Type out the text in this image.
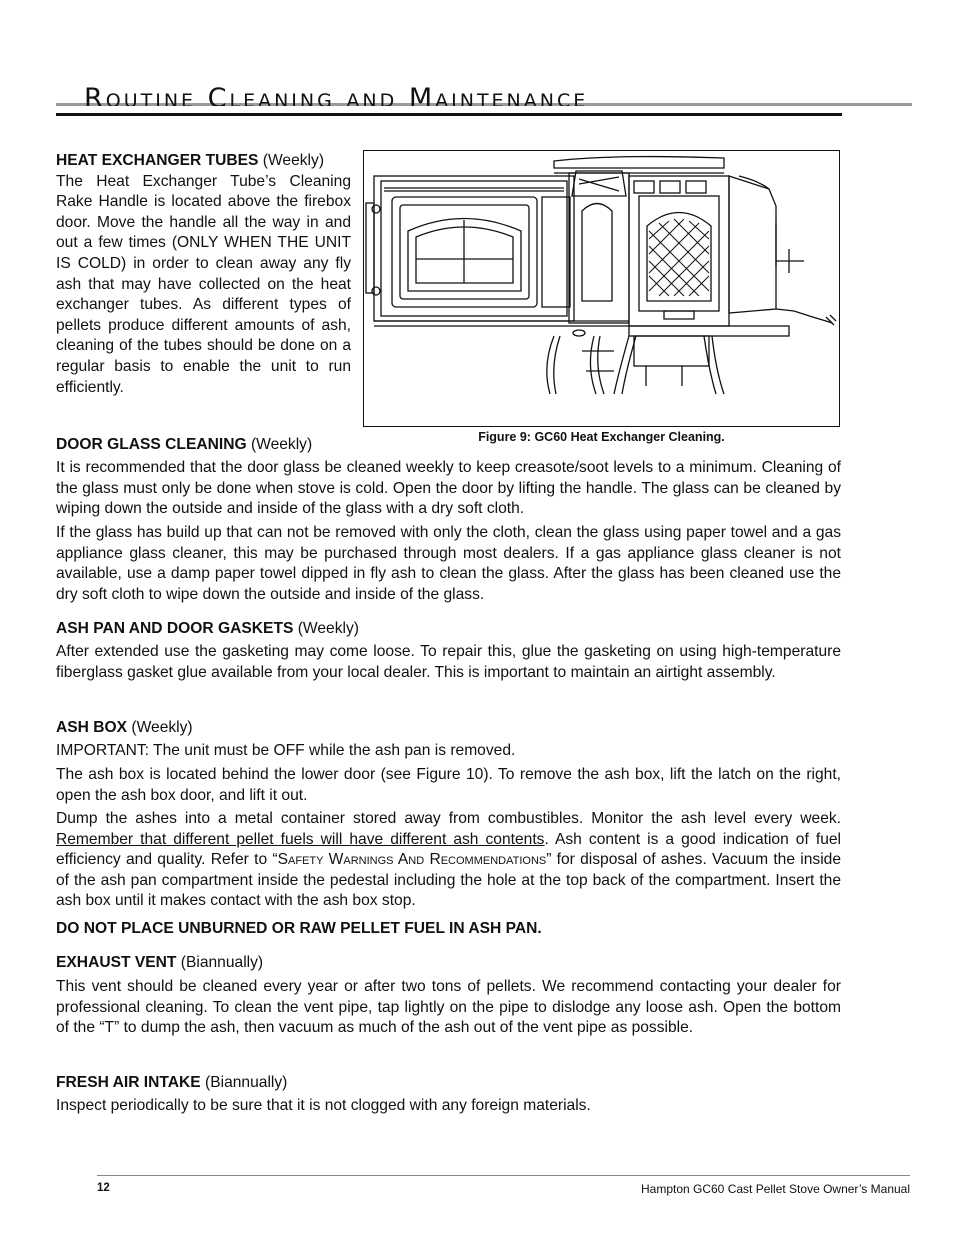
Routine Cleaning and Maintenance

HEAT EXCHANGER TUBES (Weekly)

The Heat Exchanger Tube’s Cleaning Rake Handle is located above the firebox door. Move the handle all the way in and out a few times (ONLY WHEN THE UNIT IS COLD) in order to clean away any fly ash that may have collected on the heat exchanger tubes. As different types of pellets produce different amounts of ash, cleaning of the tubes should be done on a regular basis to enable the unit to run efficiently.

Figure 9: GC60 Heat Exchanger Cleaning.
DOOR GLASS CLEANING (Weekly)
It is recommended that the door glass be cleaned weekly to keep creasote/soot levels to a minimum. Cleaning of the glass must only be done when stove is cold. Open the door by lifting the handle. The glass can be cleaned by wiping down the outside and inside of the glass with a dry soft cloth.
If the glass has build up that can not be removed with only the cloth, clean the glass using paper towel and a gas appliance glass cleaner, this may be purchased through most dealers. If a gas appliance glass cleaner is not available, use a damp paper towel dipped in fly ash to clean the glass. After the glass has been cleaned use the dry soft cloth to wipe down the outside and inside of the glass.
ASH PAN AND DOOR GASKETS (Weekly)
After extended use the gasketing may come loose. To repair this, glue the gasketing on using high-temperature fiberglass gasket glue available from your local dealer. This is important to maintain an airtight assembly.
ASH BOX (Weekly)
IMPORTANT: The unit must be OFF while the ash pan is removed.
The ash box is located behind the lower door (see Figure 10). To remove the ash box, lift the latch on the right, open the ash box door, and lift it out.
Dump the ashes into a metal container stored away from combustibles. Monitor the ash level every week. Remember that different pellet fuels will have different ash contents. Ash content is a good indication of fuel efficiency and quality. Refer to “Safety Warnings And Recommendations” for disposal of ashes. Vacuum the inside of the ash pan compartment inside the pedestal including the hole at the top back of the compartment. Insert the ash box until it makes contact with the ash box stop.
DO NOT PLACE UNBURNED OR RAW PELLET FUEL IN ASH PAN.
EXHAUST VENT (Biannually)
This vent should be cleaned every year or after two tons of pellets. We recommend contacting your dealer for professional cleaning. To clean the vent pipe, tap lightly on the pipe to dislodge any loose ash. Open the bottom of the “T” to dump the ash, then vacuum as much of the ash out of the vent pipe as possible.
FRESH AIR INTAKE (Biannually)
Inspect periodically to be sure that it is not clogged with any foreign materials.
12	Hampton GC60 Cast Pellet Stove Owner’s Manual
